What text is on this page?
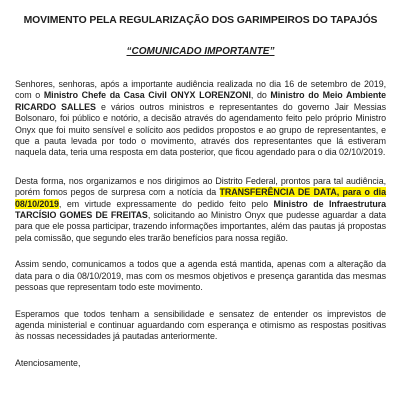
MOVIMENTO PELA REGULARIZAÇÃO DOS GARIMPEIROS DO TAPAJÓS

“COMUNICADO IMPORTANTE”

Senhores, senhoras, após a importante audiência realizada no dia 16 de setembro de 2019, com o Ministro Chefe da Casa Civil ONYX LORENZONI, do Ministro do Meio Ambiente RICARDO SALLES e vários outros ministros e representantes do governo Jair Messias Bolsonaro, foi público e notório, a decisão através do agendamento feito pelo próprio Ministro Onyx que foi muito sensível e solícito aos pedidos propostos e ao grupo de representantes, e que a pauta levada por todo o movimento, através dos representantes que lá estiveram naquela data, teria uma resposta em data posterior, que ficou agendado para o dia 02/10/2019.

Desta forma, nos organizamos e nos dirigimos ao Distrito Federal, prontos para tal audiência, porém fomos pegos de surpresa com a notícia da TRANSFERÊNCIA DE DATA, para o dia 08/10/2019, em virtude expressamente do pedido feito pelo Ministro de Infraestrutura TARCÍSIO GOMES DE FREITAS, solicitando ao Ministro Onyx que pudesse aguardar a data para que ele possa participar, trazendo informações importantes, além das pautas já propostas pela comissão, que segundo eles trarão benefícios para nossa região.

Assim sendo, comunicamos a todos que a agenda está mantida, apenas com a alteração da data para o dia 08/10/2019, mas com os mesmos objetivos e presença garantida das mesmas pessoas que representam todo este movimento.

Esperamos que todos tenham a sensibilidade e sensatez de entender os imprevistos de agenda ministerial e continuar aguardando com esperança e otimismo as respostas positivas às nossas necessidades já pautadas anteriormente.

Atenciosamente,
